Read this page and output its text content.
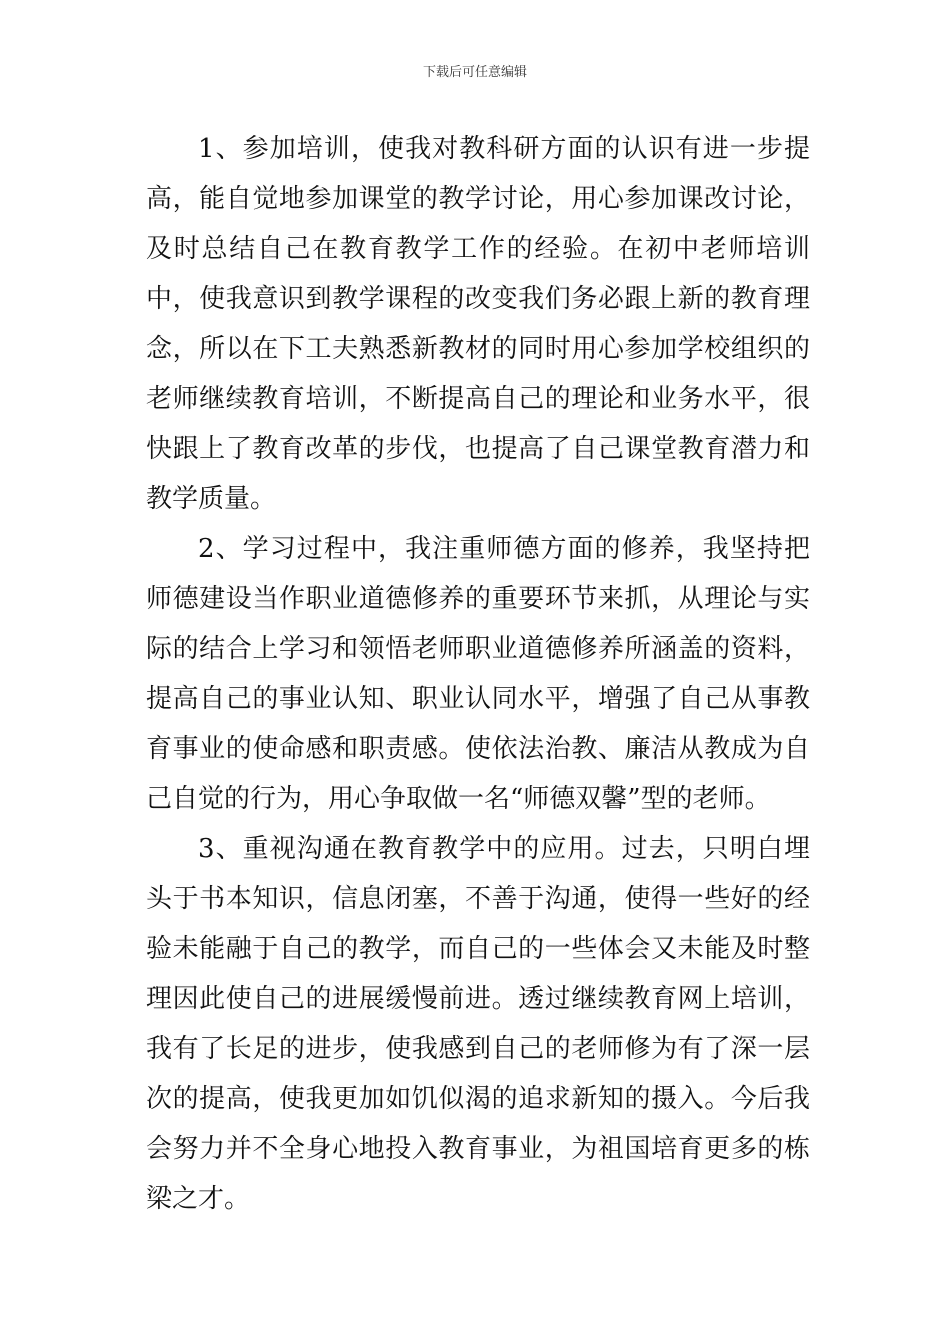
下载后可任意编辑

1、参加培训，使我对教科研方面的认识有进一步提高，能自觉地参加课堂的教学讨论，用心参加课改讨论，及时总结自己在教育教学工作的经验。在初中老师培训中，使我意识到教学课程的改变我们务必跟上新的教育理念，所以在下工夫熟悉新教材的同时用心参加学校组织的老师继续教育培训，不断提高自己的理论和业务水平，很快跟上了教育改革的步伐，也提高了自己课堂教育潜力和教学质量。

2、学习过程中，我注重师德方面的修养，我坚持把师德建设当作职业道德修养的重要环节来抓，从理论与实际的结合上学习和领悟老师职业道德修养所涵盖的资料，提高自己的事业认知、职业认同水平，增强了自己从事教育事业的使命感和职责感。使依法治教、廉洁从教成为自己自觉的行为，用心争取做一名“师德双馨”型的老师。

3、重视沟通在教育教学中的应用。过去，只明白埋头于书本知识，信息闭塞，不善于沟通，使得一些好的经验未能融于自己的教学，而自己的一些体会又未能及时整理因此使自己的进展缓慢前进。透过继续教育网上培训，我有了长足的进步，使我感到自己的老师修为有了深一层次的提高，使我更加如饥似渴的追求新知的摄入。今后我会努力并不全身心地投入教育事业，为祖国培育更多的栋梁之才。
